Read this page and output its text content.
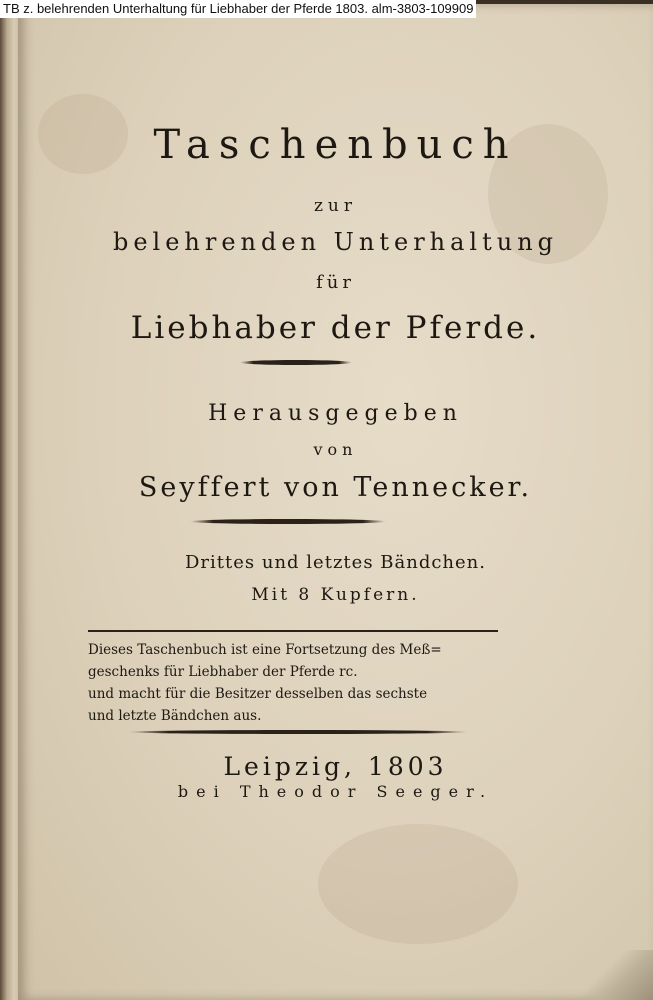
Taschenbuch
zur
belehrenden Unterhaltung
für
Liebhaber der Pferde.
Herausgegeben
von
Seyffert von Tennecker.
Drittes und letztes Bändchen.
Mit 8 Kupfern.
Dieses Taschenbuch ist eine Fortsetzung des Meß=
geschenks für Liebhaber der Pferde rc.
und macht für die Besitzer desselben das sechste
und letzte Bändchen aus.
Leipzig, 1803
bei Theodor Seeger.
TB z. belehrenden Unterhaltung für Liebhaber der Pferde 1803. alm-3803-109909
